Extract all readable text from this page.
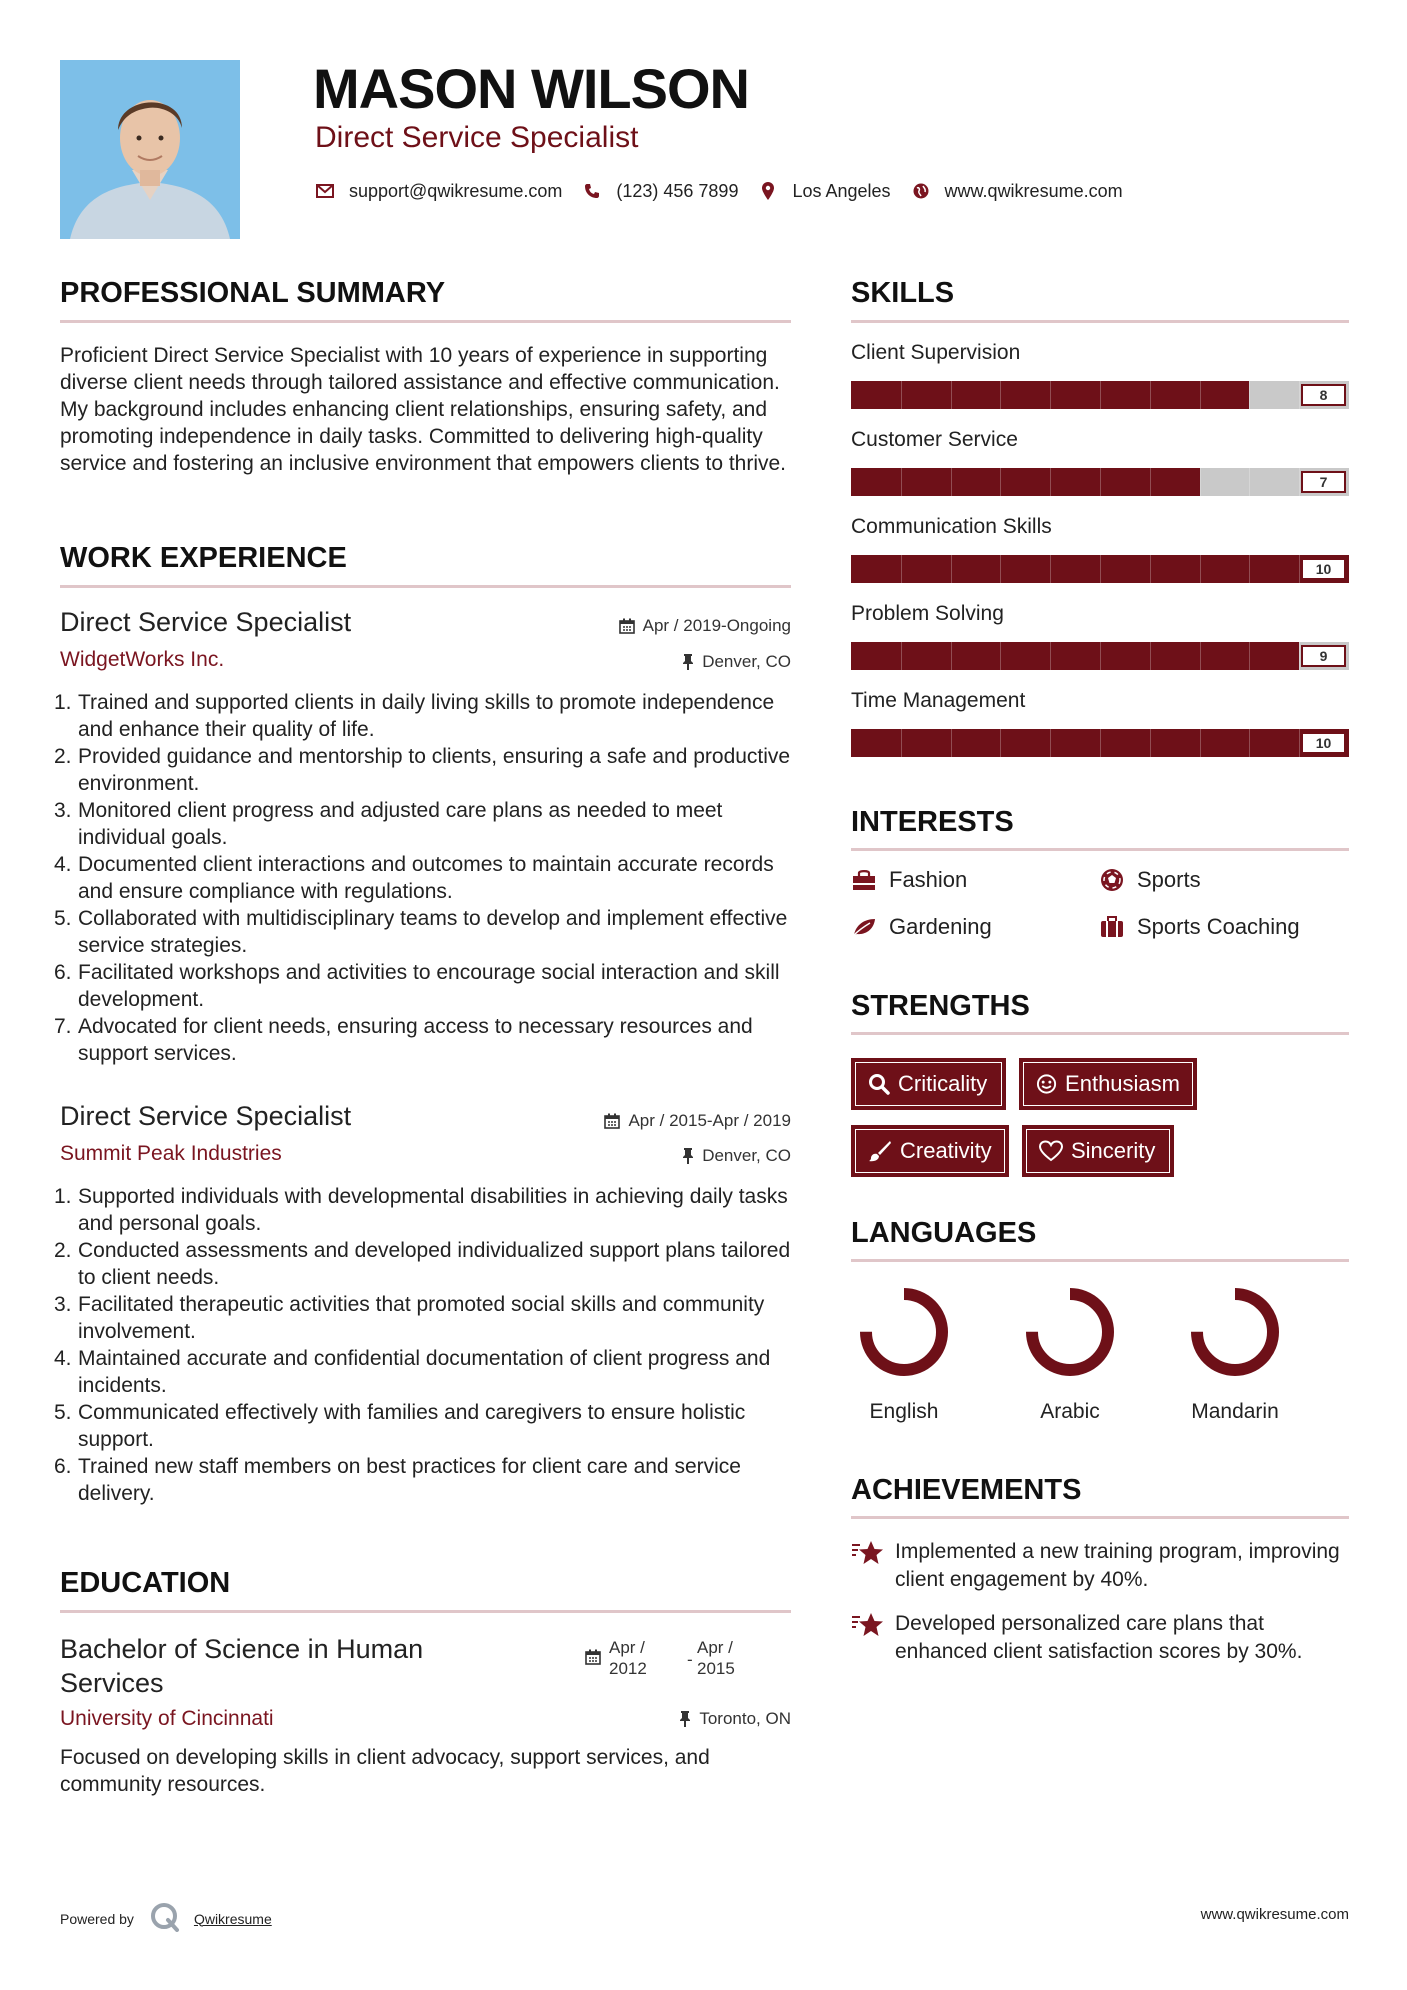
MASON WILSON
Direct Service Specialist
support@qwikresume.com	(123) 456 7899	Los Angeles	www.qwikresume.com
PROFESSIONAL SUMMARY
Proficient Direct Service Specialist with 10 years of experience in supporting diverse client needs through tailored assistance and effective communication. My background includes enhancing client relationships, ensuring safety, and promoting independence in daily tasks. Committed to delivering high-quality service and fostering an inclusive environment that empowers clients to thrive.
WORK EXPERIENCE
Direct Service Specialist	Apr / 2019-Ongoing
WidgetWorks Inc.	Denver, CO
1. Trained and supported clients in daily living skills to promote independence and enhance their quality of life.
2. Provided guidance and mentorship to clients, ensuring a safe and productive environment.
3. Monitored client progress and adjusted care plans as needed to meet individual goals.
4. Documented client interactions and outcomes to maintain accurate records and ensure compliance with regulations.
5. Collaborated with multidisciplinary teams to develop and implement effective service strategies.
6. Facilitated workshops and activities to encourage social interaction and skill development.
7. Advocated for client needs, ensuring access to necessary resources and support services.
Direct Service Specialist	Apr / 2015-Apr / 2019
Summit Peak Industries	Denver, CO
1. Supported individuals with developmental disabilities in achieving daily tasks and personal goals.
2. Conducted assessments and developed individualized support plans tailored to client needs.
3. Facilitated therapeutic activities that promoted social skills and community involvement.
4. Maintained accurate and confidential documentation of client progress and incidents.
5. Communicated effectively with families and caregivers to ensure holistic support.
6. Trained new staff members on best practices for client care and service delivery.
EDUCATION
Bachelor of Science in Human
Services
Apr /
2012	-
Apr /
2015
University of Cincinnati	Toronto, ON
Focused on developing skills in client advocacy, support services, and community resources.
SKILLS
Client Supervision
8
Customer Service
7
Communication Skills
10
Problem Solving
9
Time Management
10
INTERESTS
Fashion	Sports
Gardening	Sports Coaching
STRENGTHS
Criticality	Enthusiasm
Creativity	Sincerity
LANGUAGES
English	Arabic	Mandarin
ACHIEVEMENTS
Implemented a new training program, improving client engagement by 40%.
Developed personalized care plans that enhanced client satisfaction scores by 30%.
Powered by	Qwikresume	www.qwikresume.com
